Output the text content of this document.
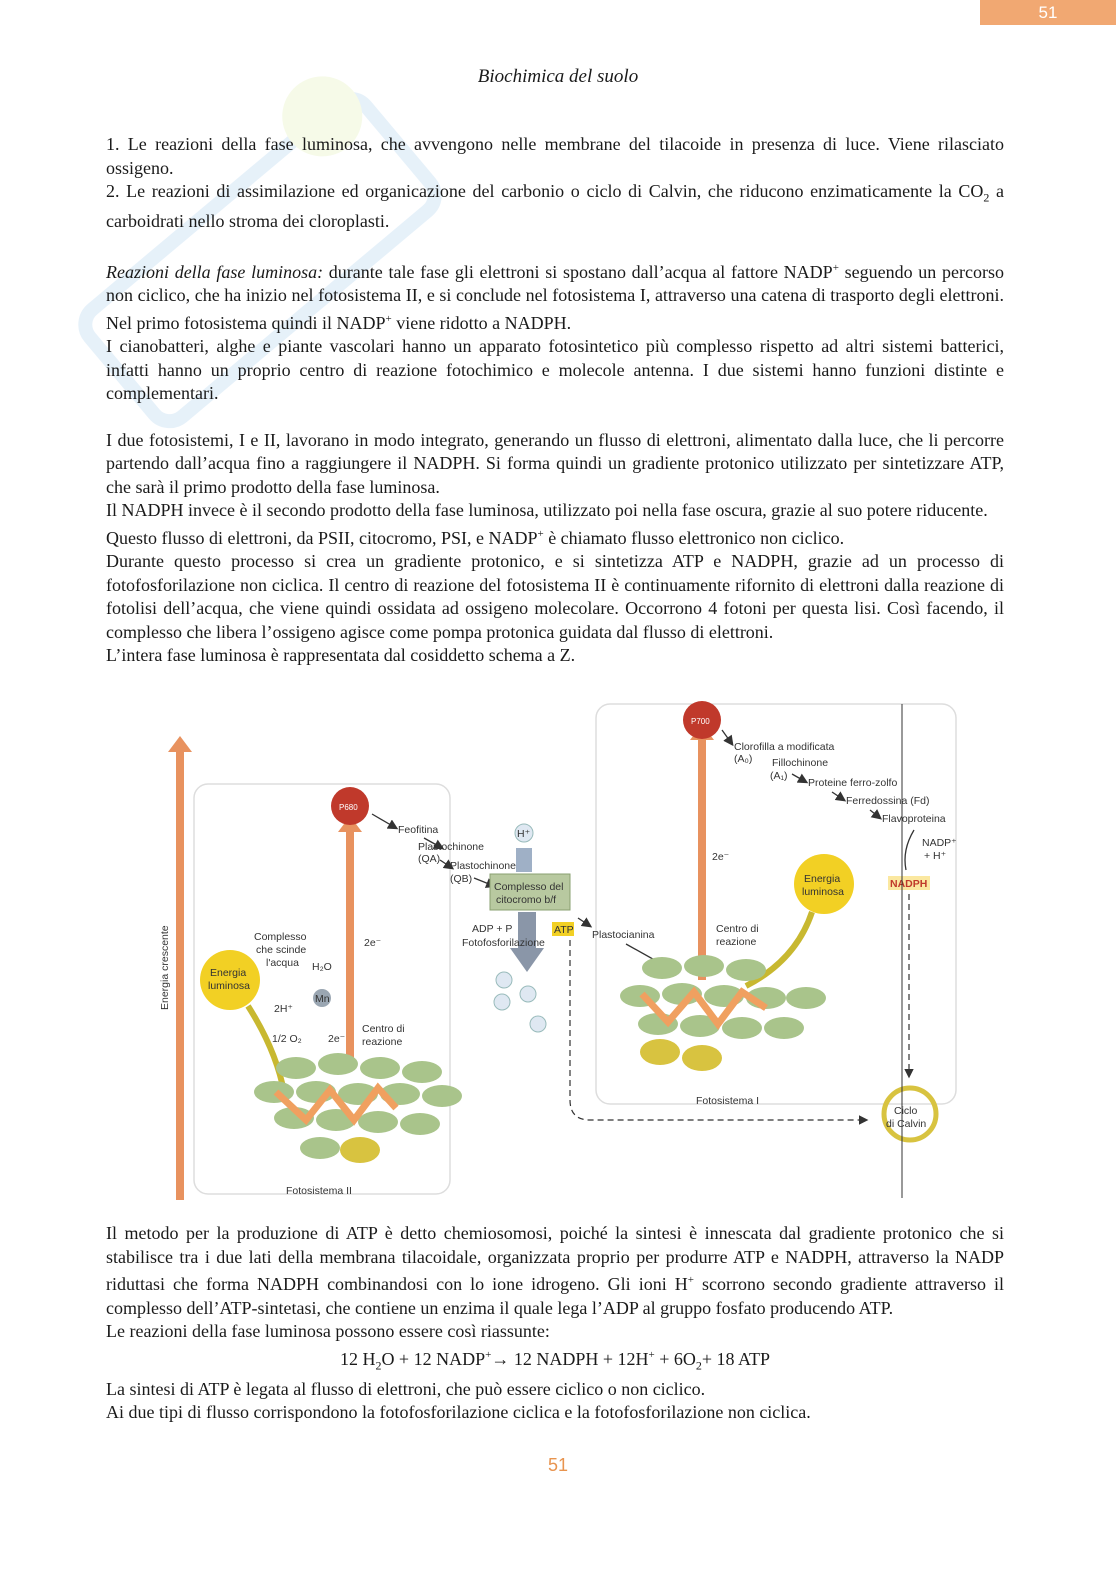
51
Biochimica del suolo

1. Le reazioni della fase luminosa, che avvengono nelle membrane del tilacoide in presenza di luce. Viene rilasciato ossigeno.

2. Le reazioni di assimilazione ed organicazione del carbonio o ciclo di Calvin, che riducono enzimaticamente la $CO_2$ a carboidrati nello stroma dei cloroplasti.

Reazioni della fase luminosa: durante tale fase gli elettroni si spostano dall’acqua al fattore NADP+ seguendo un percorso non ciclico, che ha inizio nel fotosistema II, e si conclude nel fotosistema I, attraverso una catena di trasporto degli elettroni. Nel primo fotosistema quindi il NADP+ viene ridotto a NADPH.

I cianobatteri, alghe e piante vascolari hanno un apparato fotosintetico più complesso rispetto ad altri sistemi batterici, infatti hanno un proprio centro di reazione fotochimico e molecole antenna. I due sistemi hanno funzioni distinte e complementari.

I due fotosistemi, I e II, lavorano in modo integrato, generando un flusso di elettroni, alimentato dalla luce, che li percorre partendo dall’acqua fino a raggiungere il NADPH. Si forma quindi un gradiente protonico utilizzato per sintetizzare ATP, che sarà il primo prodotto della fase luminosa.

Il NADPH invece è il secondo prodotto della fase luminosa, utilizzato poi nella fase oscura, grazie al suo potere riducente.

Questo flusso di elettroni, da PSII, citocromo, PSI, e NADP+ è chiamato flusso elettronico non ciclico.

Durante questo processo si crea un gradiente protonico, e si sintetizza ATP e NADPH, grazie ad un processo di fotofosforilazione non ciclica. Il centro di reazione del fotosistema II è continuamente rifornito di elettroni dalla reazione di fotolisi dell’acqua, che viene quindi ossidata ad ossigeno molecolare. Occorrono 4 fotoni per questa lisi. Così facendo, il complesso che libera l’ossigeno agisce come pompa protonica guidata dal flusso di elettroni.

L’intera fase luminosa è rappresentata dal cosiddetto schema a Z.

Energia crescente
P680
Feofitina
Plastochinone
(QA)
Plastochinone
(QB)
2e⁻
Energia
luminosa
Complesso
che scinde
l'acqua H₂O
Mn
2H⁺
1/2 O₂ 2e⁻
Centro di
reazione
Fotosistema II
H⁺
Complesso del
citocromo b/f
ADP + P	ATP
Fotofosforilazione
Plastocianina
P700
2e⁻
Clorofilla a modificata
(A₀) Fillochinone
(A₁)
Proteine ferro-zolfo
Ferredossina (Fd)
Flavoproteina
NADP⁺
+ H⁺
NADPH
Energia
luminosa
Centro di
reazione
Fotosistema I
Ciclo
di Calvin

Il metodo per la produzione di ATP è detto chemiosomosi, poiché la sintesi è innescata dal gradiente protonico che si stabilisce tra i due lati della membrana tilacoidale, organizzata proprio per produrre ATP e NADPH, attraverso la NADP riduttasi che forma NADPH combinandosi con lo ione idrogeno. Gli ioni H+ scorrono secondo gradiente attraverso il complesso dell’ATP-sintetasi, che contiene un enzima il quale lega l’ADP al gruppo fosfato producendo ATP.

Le reazioni della fase luminosa possono essere così riassunte:

12 $H_2O + 12$ NADP+→ 12 NADPH + $12H^+ + 6O_2+ 18$ ATP

La sintesi di ATP è legata al flusso di elettroni, che può essere ciclico o non ciclico.

Ai due tipi di flusso corrispondono la fotofosforilazione ciclica e la fotofosforilazione non ciclica.

51
